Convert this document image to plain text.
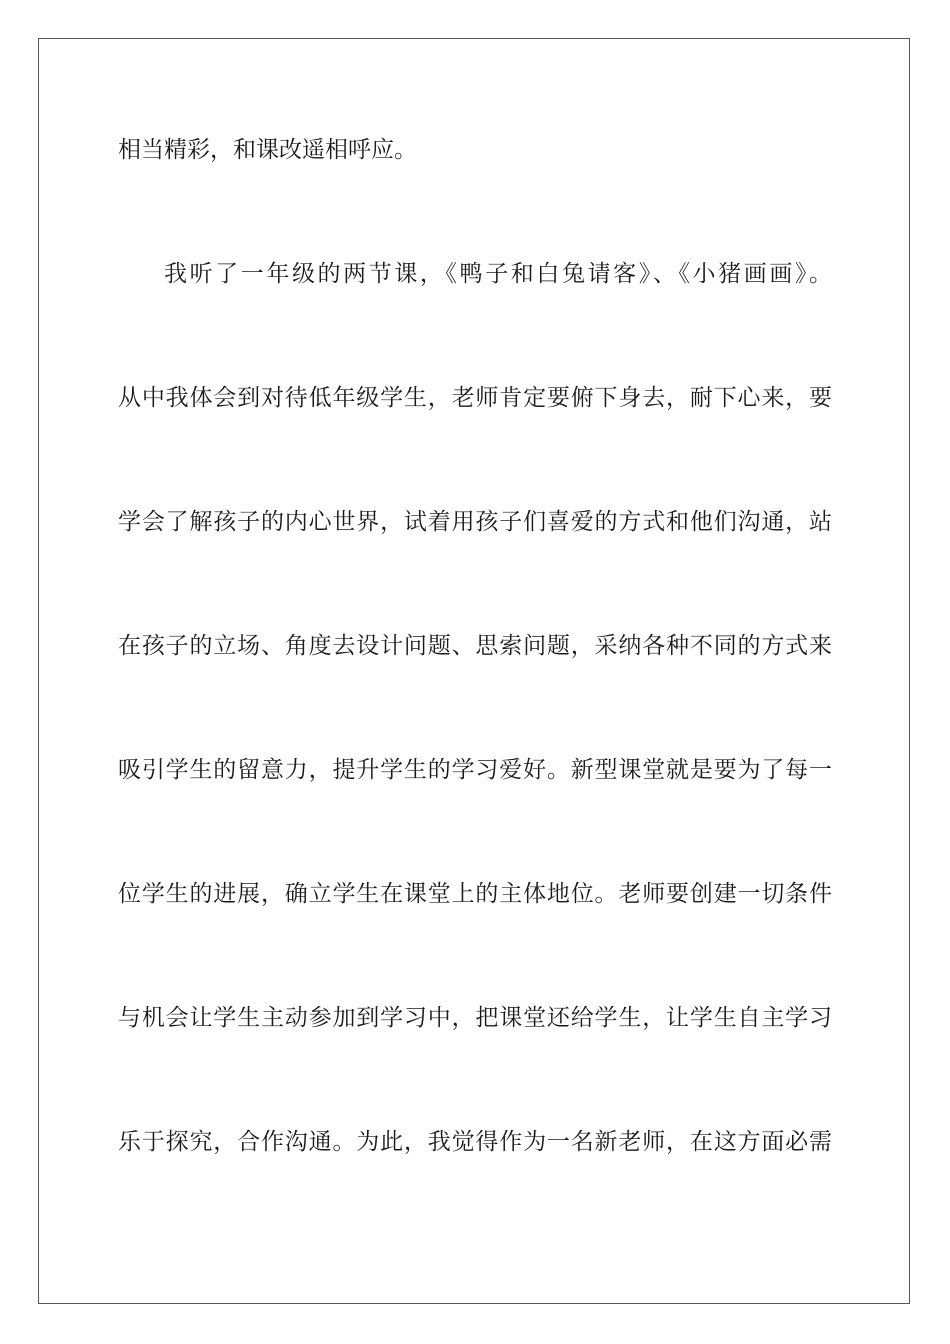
相当精彩，和课改遥相呼应。
我听了一年级的两节课，《鸭子和白兔请客》、《小猪画画》。
从中我体会到对待低年级学生，老师肯定要俯下身去，耐下心来，要
学会了解孩子的内心世界，试着用孩子们喜爱的方式和他们沟通，站
在孩子的立场、角度去设计问题、思索问题，采纳各种不同的方式来
吸引学生的留意力，提升学生的学习爱好。新型课堂就是要为了每一
位学生的进展，确立学生在课堂上的主体地位。老师要创建一切条件
与机会让学生主动参加到学习中，把课堂还给学生，让学生自主学习
乐于探究，合作沟通。为此，我觉得作为一名新老师，在这方面必需
